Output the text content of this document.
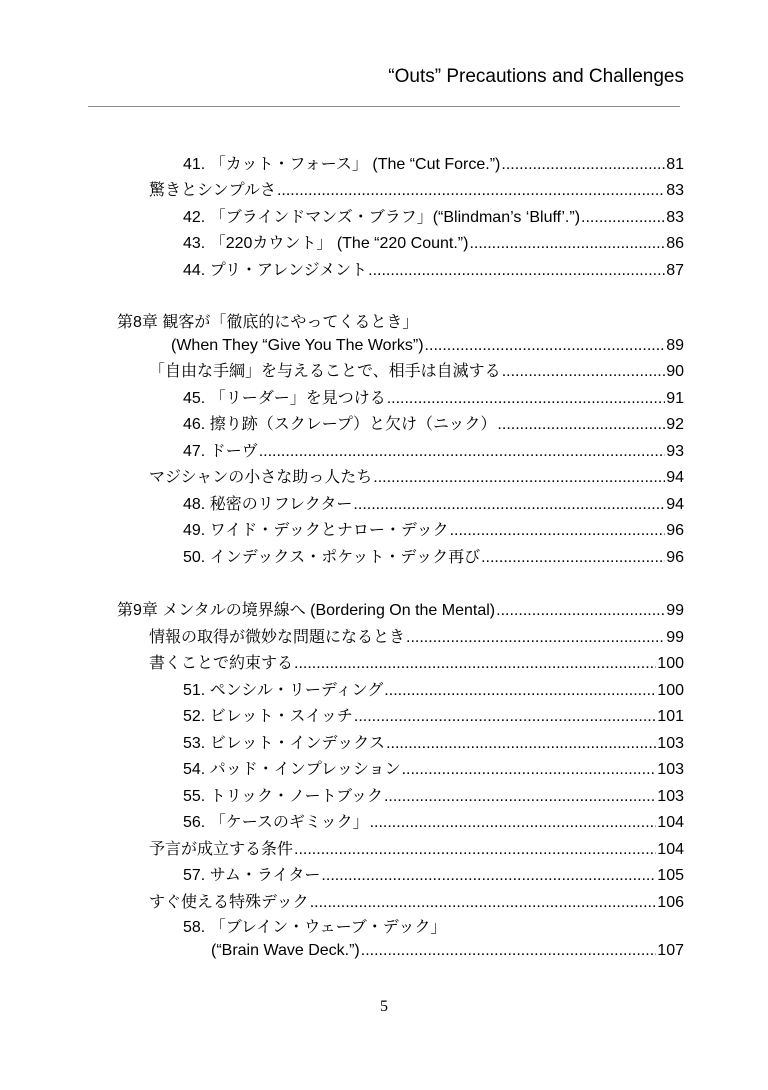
“Outs” Precautions and Challenges
41. 「カット・フォース」 (The “Cut Force.”) .....	81
驚きとシンプルさ .....	83
42. 「ブラインドマンズ・ブラフ」(“Blindman’s ‘Bluff’.”) .....	83
43. 「220カウント」 (The “220 Count.”) .....	86
44. プリ・アレンジメント .....	87
第8章 観客が「徹底的にやってくるとき」
(When They “Give You The Works”) .....	89
「自由な手綱」を与えることで、相手は自滅する .....	90
45. 「リーダー」を見つける .....	91
46. 擦り跡（スクレープ）と欠け（ニック） .....	92
47. ドーヴ .....	93
マジシャンの小さな助っ人たち .....	94
48. 秘密のリフレクター .....	94
49. ワイド・デックとナロー・デック .....	96
50. インデックス・ポケット・デック再び .....	96
第9章 メンタルの境界線へ (Bordering On the Mental) .....	99
情報の取得が微妙な問題になるとき .....	99
書くことで約束する .....	100
51. ペンシル・リーディング .....	100
52. ビレット・スイッチ .....	101
53. ビレット・インデックス .....	103
54. パッド・インプレッション .....	103
55. トリック・ノートブック .....	103
56. 「ケースのギミック」 .....	104
予言が成立する条件 .....	104
57. サム・ライター .....	105
すぐ使える特殊デック .....	106
58. 「ブレイン・ウェーブ・デック」
(“Brain Wave Deck.”) .....	107
5
